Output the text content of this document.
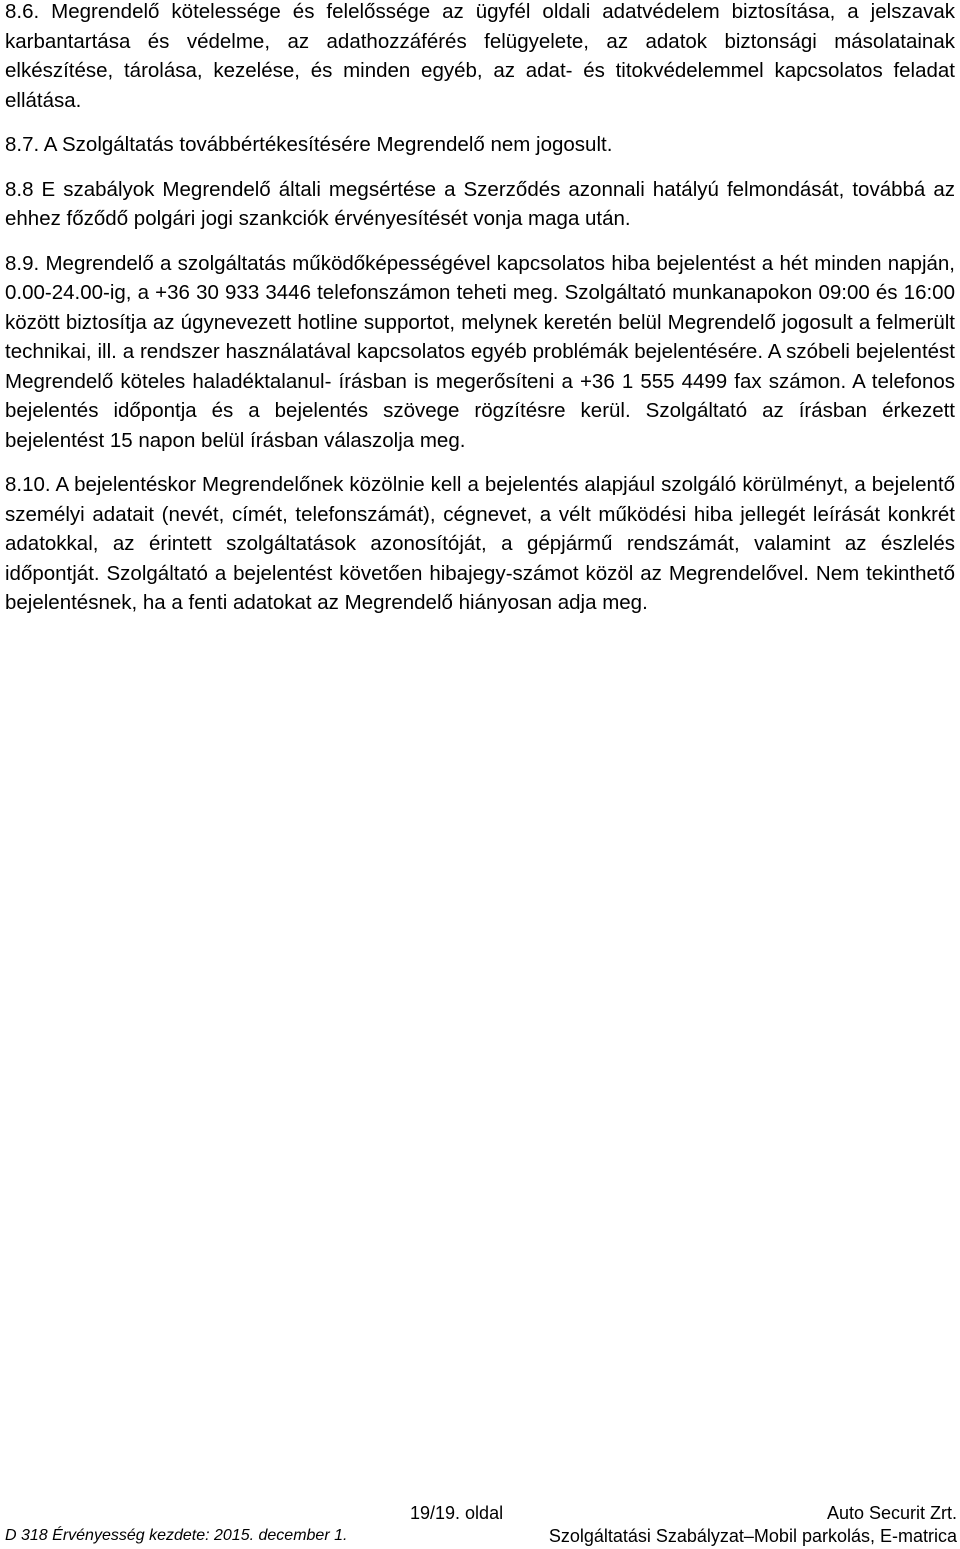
8.6. Megrendelő kötelessége és felelőssége az ügyfél oldali adatvédelem biztosítása, a jelszavak karbantartása és védelme, az adathozzáférés felügyelete, az adatok biztonsági másolatainak elkészítése, tárolása, kezelése, és minden egyéb, az adat- és titokvédelemmel kapcsolatos feladat ellátása.

8.7. A Szolgáltatás továbbértékesítésére Megrendelő nem jogosult.

8.8 E szabályok Megrendelő általi megsértése a Szerződés azonnali hatályú felmondását, továbbá az ehhez főződő polgári jogi szankciók érvényesítését vonja maga után.

8.9. Megrendelő a szolgáltatás működőképességével kapcsolatos hiba bejelentést a hét minden napján, 0.00-24.00-ig, a +36 30 933 3446 telefonszámon teheti meg. Szolgáltató munkanapokon 09:00 és 16:00 között biztosítja az úgynevezett hotline supportot, melynek keretén belül Megrendelő jogosult a felmerült technikai, ill. a rendszer használatával kapcsolatos egyéb problémák bejelentésére. A szóbeli bejelentést Megrendelő köteles haladéktalanul- írásban is megerősíteni a +36 1 555 4499 fax számon. A telefonos bejelentés időpontja és a bejelentés szövege rögzítésre kerül. Szolgáltató az írásban érkezett bejelentést 15 napon belül írásban válaszolja meg.

8.10. A bejelentéskor Megrendelőnek közölnie kell a bejelentés alapjául szolgáló körülményt, a bejelentő személyi adatait (nevét, címét, telefonszámát), cégnevet, a vélt működési hiba jellegét leírását konkrét adatokkal, az érintett szolgáltatások azonosítóját, a gépjármű rendszámát, valamint az észlelés időpontját. Szolgáltató a bejelentést követően hibajegy-számot közöl az Megrendelővel. Nem tekinthető bejelentésnek, ha a fenti adatokat az Megrendelő hiányosan adja meg.

19/19. oldal	Auto Securit Zrt.
D 318 Érvényesség kezdete: 2015. december 1.	Szolgáltatási Szabályzat–Mobil parkolás, E-matrica
